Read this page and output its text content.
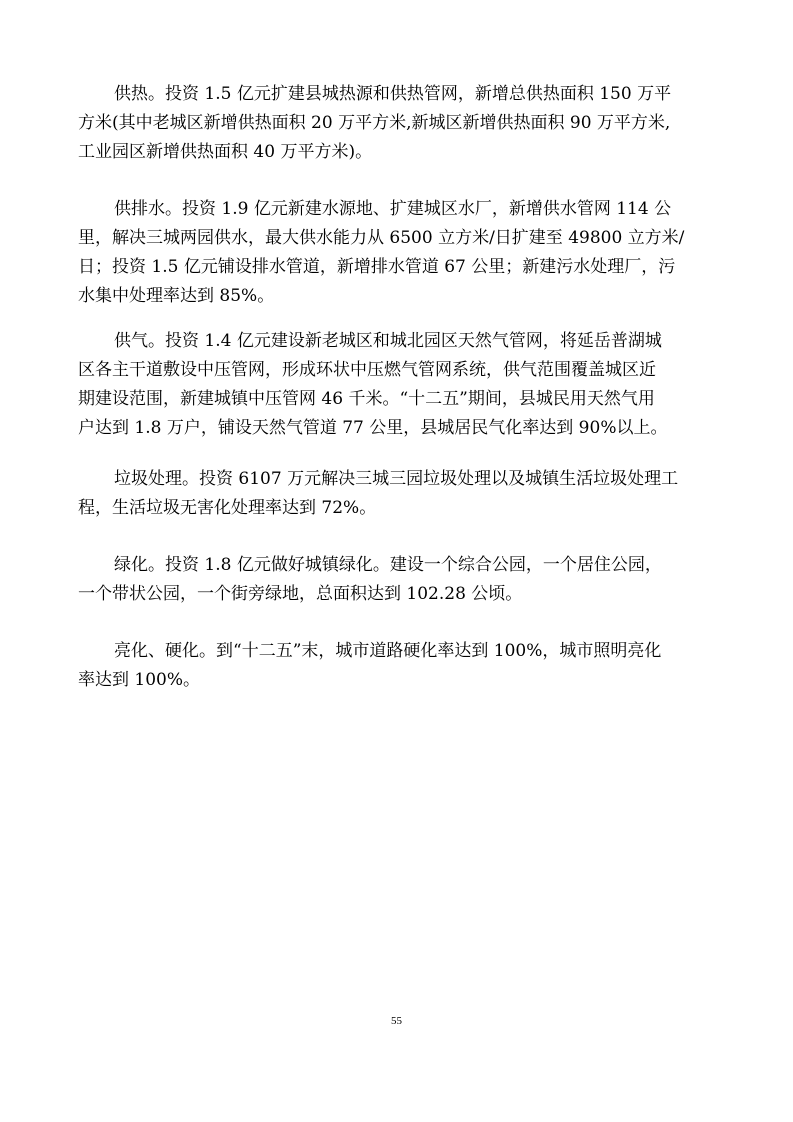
供热。投资 1.5 亿元扩建县城热源和供热管网，新增总供热面积 150 万平
方米(其中老城区新增供热面积 20 万平方米,新城区新增供热面积 90 万平方米,
工业园区新增供热面积 40 万平方米)。

供排水。投资 1.9 亿元新建水源地、扩建城区水厂，新增供水管网 114 公
里，解决三城两园供水，最大供水能力从 6500 立方米/日扩建至 49800 立方米/
日；投资 1.5 亿元铺设排水管道，新增排水管道 67 公里；新建污水处理厂，污
水集中处理率达到 85%。

供气。投资 1.4 亿元建设新老城区和城北园区天然气管网，将延岳普湖城
区各主干道敷设中压管网，形成环状中压燃气管网系统，供气范围覆盖城区近
期建设范围，新建城镇中压管网 46 千米。“十二五”期间，县城民用天然气用
户达到 1.8 万户，铺设天然气管道 77 公里，县城居民气化率达到 90%以上。

垃圾处理。投资 6107 万元解决三城三园垃圾处理以及城镇生活垃圾处理工
程，生活垃圾无害化处理率达到 72%。

绿化。投资 1.8 亿元做好城镇绿化。建设一个综合公园，一个居住公园，
一个带状公园，一个街旁绿地，总面积达到 102.28 公顷。

亮化、硬化。到“十二五”末，城市道路硬化率达到 100%，城市照明亮化
率达到 100%。

55
